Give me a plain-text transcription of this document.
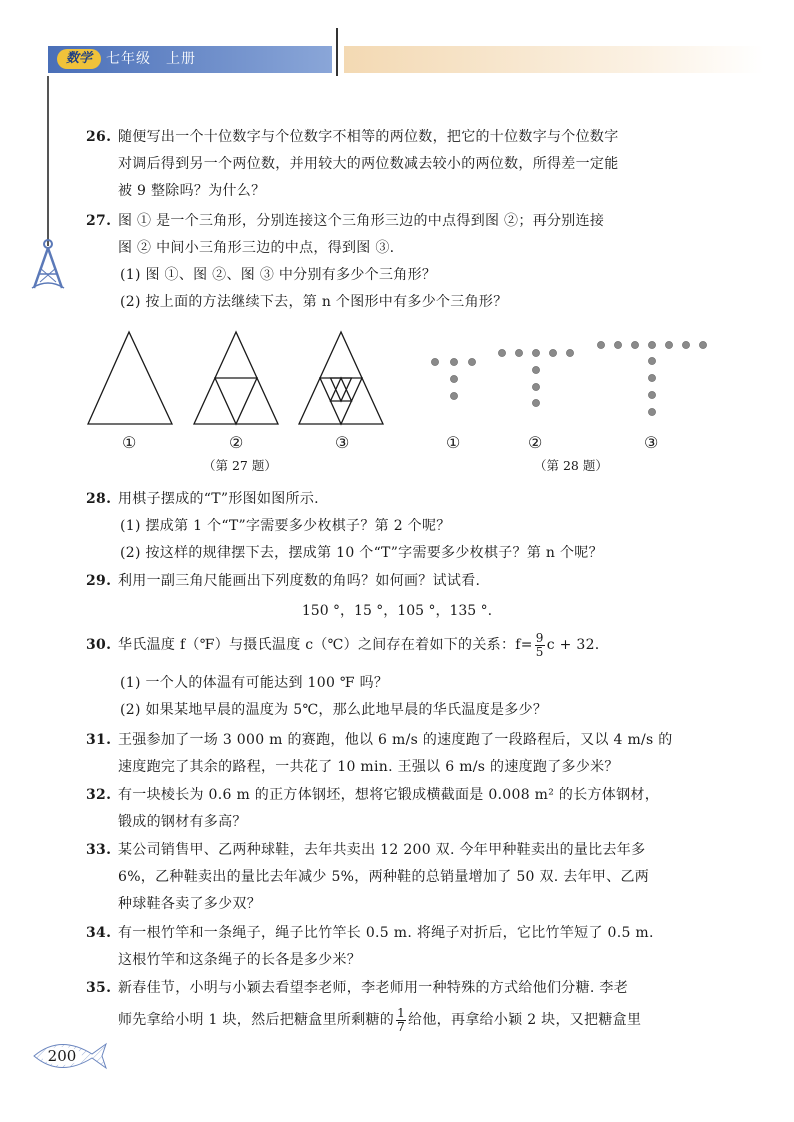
数学	七年级　上册
26. 随便写出一个十位数字与个位数字不相等的两位数，把它的十位数字与个位数字
对调后得到另一个两位数，并用较大的两位数减去较小的两位数，所得差一定能
被 9 整除吗？为什么？
27. 图 ① 是一个三角形，分别连接这个三角形三边的中点得到图 ②；再分别连接
图 ② 中间小三角形三边的中点，得到图 ③.
(1) 图 ①、图 ②、图 ③ 中分别有多少个三角形？
(2) 按上面的方法继续下去，第 n 个图形中有多少个三角形？
①	②	③
（第 27 题）
①	②	③
（第 28 题）
28. 用棋子摆成的“T”形图如图所示.
(1) 摆成第 1 个“T”字需要多少枚棋子？第 2 个呢？
(2) 按这样的规律摆下去，摆成第 10 个“T”字需要多少枚棋子？第 n 个呢？
29. 利用一副三角尺能画出下列度数的角吗？如何画？试试看.
150 °，15 °，105 °，135 °.
30. 华氏温度 f（℉）与摄氏温度 c（℃）之间存在着如下的关系：$f= \frac{9}{5}$ c + 32.
(1) 一个人的体温有可能达到 100 ℉ 吗？
(2) 如果某地早晨的温度为 5℃，那么此地早晨的华氏温度是多少？
31. 王强参加了一场 3 000 m 的赛跑，他以 6 m/s 的速度跑了一段路程后，又以 4 m/s 的
速度跑完了其余的路程，一共花了 10 min. 王强以 6 m/s 的速度跑了多少米？
32. 有一块棱长为 0.6 m 的正方体钢坯，想将它锻成横截面是 0.008 m² 的长方体钢材，
锻成的钢材有多高？
33. 某公司销售甲、乙两种球鞋，去年共卖出 12 200 双. 今年甲种鞋卖出的量比去年多
6%，乙种鞋卖出的量比去年减少 5%，两种鞋的总销量增加了 50 双. 去年甲、乙两
种球鞋各卖了多少双？
34. 有一根竹竿和一条绳子，绳子比竹竿长 0.5 m. 将绳子对折后，它比竹竿短了 0.5 m.
这根竹竿和这条绳子的长各是多少米？
35. 新春佳节，小明与小颖去看望李老师，李老师用一种特殊的方式给他们分糖. 李老
师先拿给小明 1 块，然后把糖盒里所剩糖的 $\frac{1}{7}$ 给他，再拿给小颖 2 块，又把糖盒里
200
